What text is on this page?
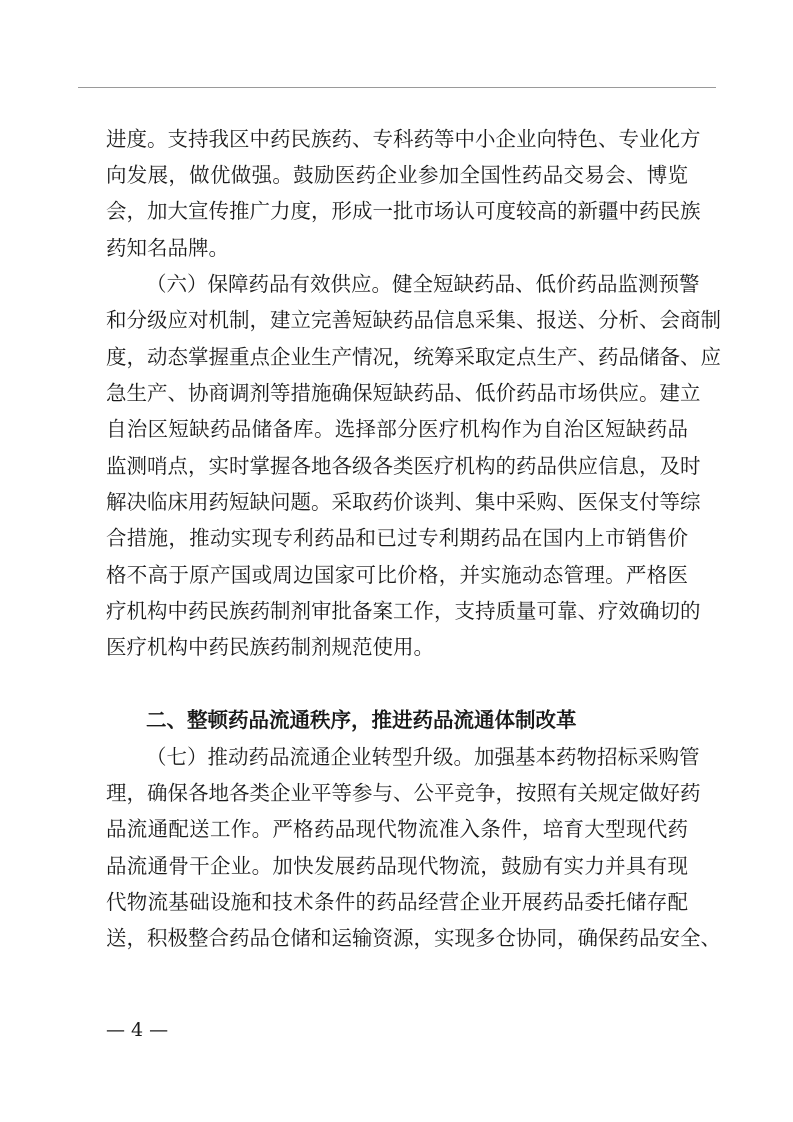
进度。支持我区中药民族药、专科药等中小企业向特色、专业化方
向发展，做优做强。鼓励医药企业参加全国性药品交易会、博览
会，加大宣传推广力度，形成一批市场认可度较高的新疆中药民族
药知名品牌。
（六）保障药品有效供应。健全短缺药品、低价药品监测预警
和分级应对机制，建立完善短缺药品信息采集、报送、分析、会商制
度，动态掌握重点企业生产情况，统筹采取定点生产、药品储备、应
急生产、协商调剂等措施确保短缺药品、低价药品市场供应。建立
自治区短缺药品储备库。选择部分医疗机构作为自治区短缺药品
监测哨点，实时掌握各地各级各类医疗机构的药品供应信息，及时
解决临床用药短缺问题。采取药价谈判、集中采购、医保支付等综
合措施，推动实现专利药品和已过专利期药品在国内上市销售价
格不高于原产国或周边国家可比价格，并实施动态管理。严格医
疗机构中药民族药制剂审批备案工作，支持质量可靠、疗效确切的
医疗机构中药民族药制剂规范使用。
二、整顿药品流通秩序，推进药品流通体制改革
（七）推动药品流通企业转型升级。加强基本药物招标采购管
理，确保各地各类企业平等参与、公平竞争，按照有关规定做好药
品流通配送工作。严格药品现代物流准入条件，培育大型现代药
品流通骨干企业。加快发展药品现代物流，鼓励有实力并具有现
代物流基础设施和技术条件的药品经营企业开展药品委托储存配
送，积极整合药品仓储和运输资源，实现多仓协同，确保药品安全、
— 4 —
